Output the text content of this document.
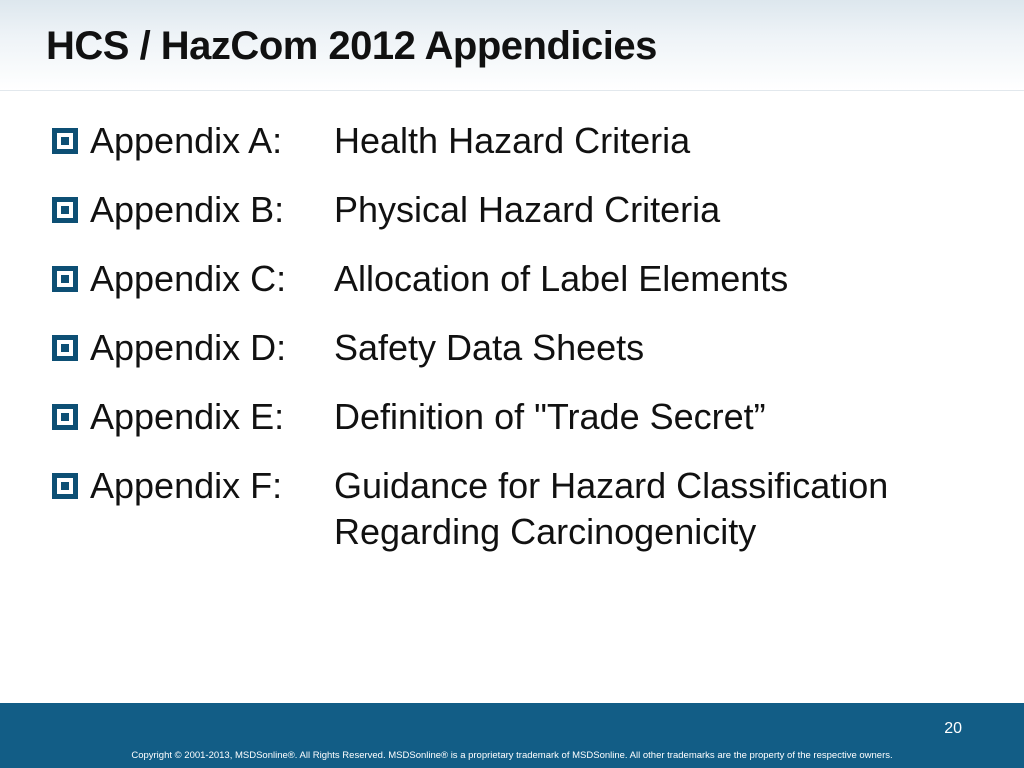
HCS / HazCom 2012 Appendicies
Appendix A:	Health Hazard Criteria
Appendix B:	Physical Hazard Criteria
Appendix C:	Allocation of Label Elements
Appendix D:	Safety Data Sheets
Appendix E:	Definition of "Trade Secret”
Appendix F:	Guidance for Hazard Classification Regarding Carcinogenicity
20
Copyright © 2001-2013, MSDSonline®. All Rights Reserved. MSDSonline® is a proprietary trademark of MSDSonline. All other trademarks are the property of the respective owners.
